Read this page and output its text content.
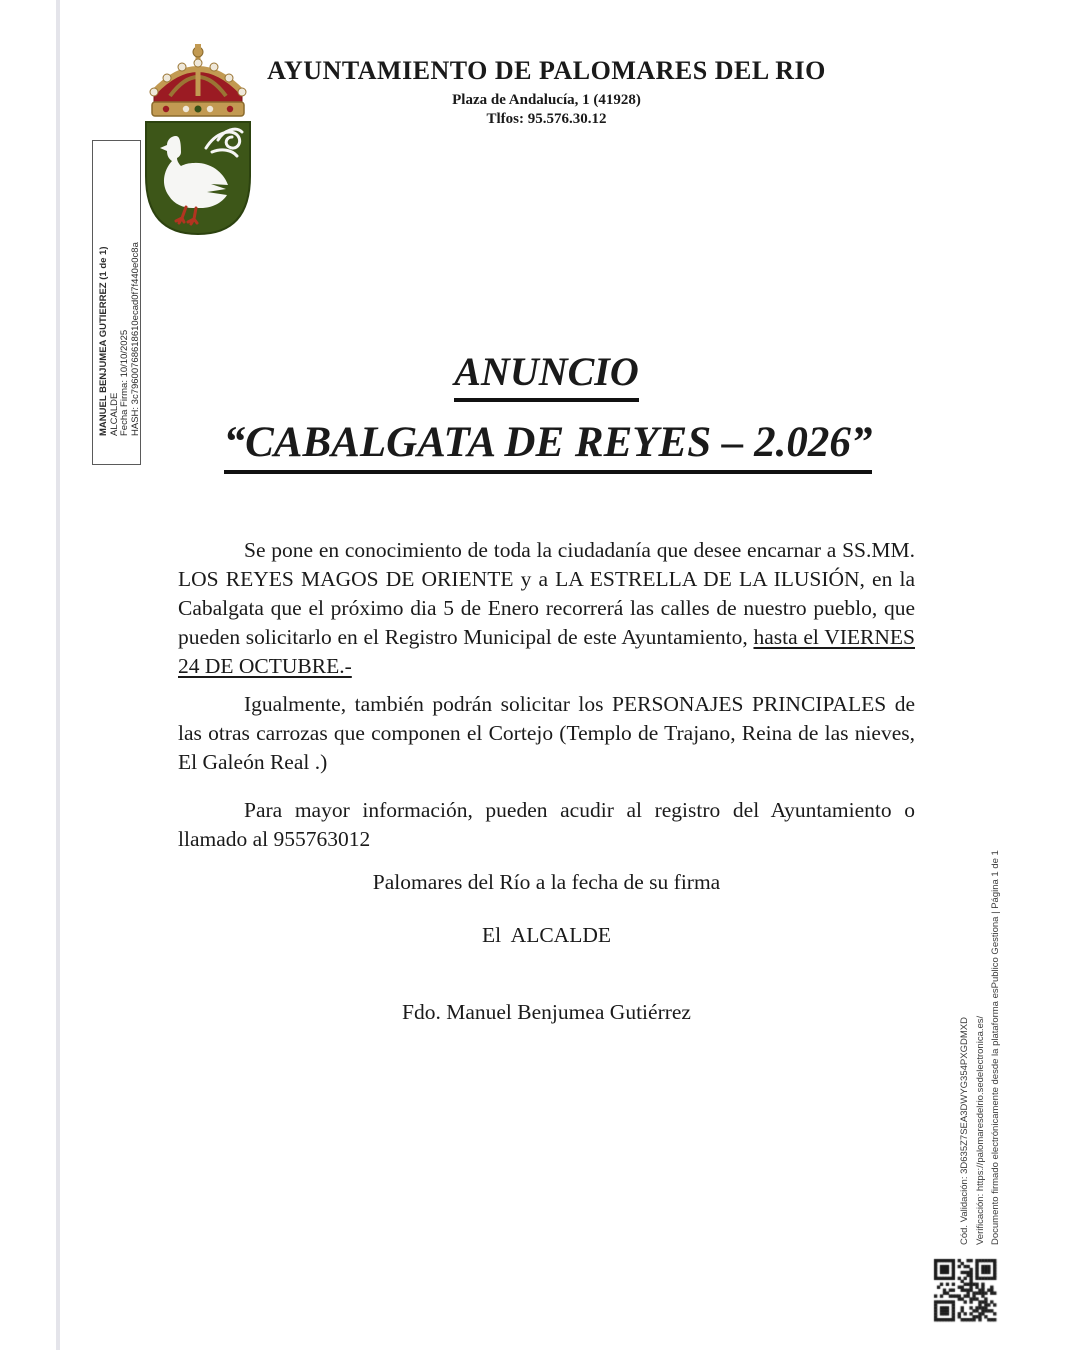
AYUNTAMIENTO DE PALOMARES DEL RIO
Plaza de Andalucía, 1 (41928)
Tlfos: 95.576.30.12
MANUEL BENJUMEA GUTIERREZ (1 de 1) ALCALDE Fecha Firma: 10/10/2025 HASH: 3c79600768618610ecad0f7f440e0c8a	ANUNCIO
“CABALGATA DE REYES – 2.026”

Se pone en conocimiento de toda la ciudadanía que desee encarnar a SS.MM. LOS REYES MAGOS DE ORIENTE y a LA ESTRELLA DE LA ILUSIÓN, en la Cabalgata que el próximo dia 5 de Enero recorrerá las calles de nuestro pueblo, que pueden solicitarlo en el Registro Municipal de este Ayuntamiento, hasta el VIERNES 24 DE OCTUBRE.-

Igualmente, también podrán solicitar los PERSONAJES PRINCIPALES de las otras carrozas que componen el Cortejo (Templo de Trajano, Reina de las nieves, El Galeón Real .)

Para mayor información, pueden acudir al registro del Ayuntamiento o llamado al 955763012

Palomares del Río a la fecha de su firma

El  ALCALDE

Fdo. Manuel Benjumea Gutiérrez

Cód. Validación: 3D635Z7SEA3DWYG354PXGDMXD Verificación: https://palomaresdelrio.sedelectronica.es/ Documento firmado electrónicamente desde la plataforma esPublico Gestiona | Página 1 de 1
